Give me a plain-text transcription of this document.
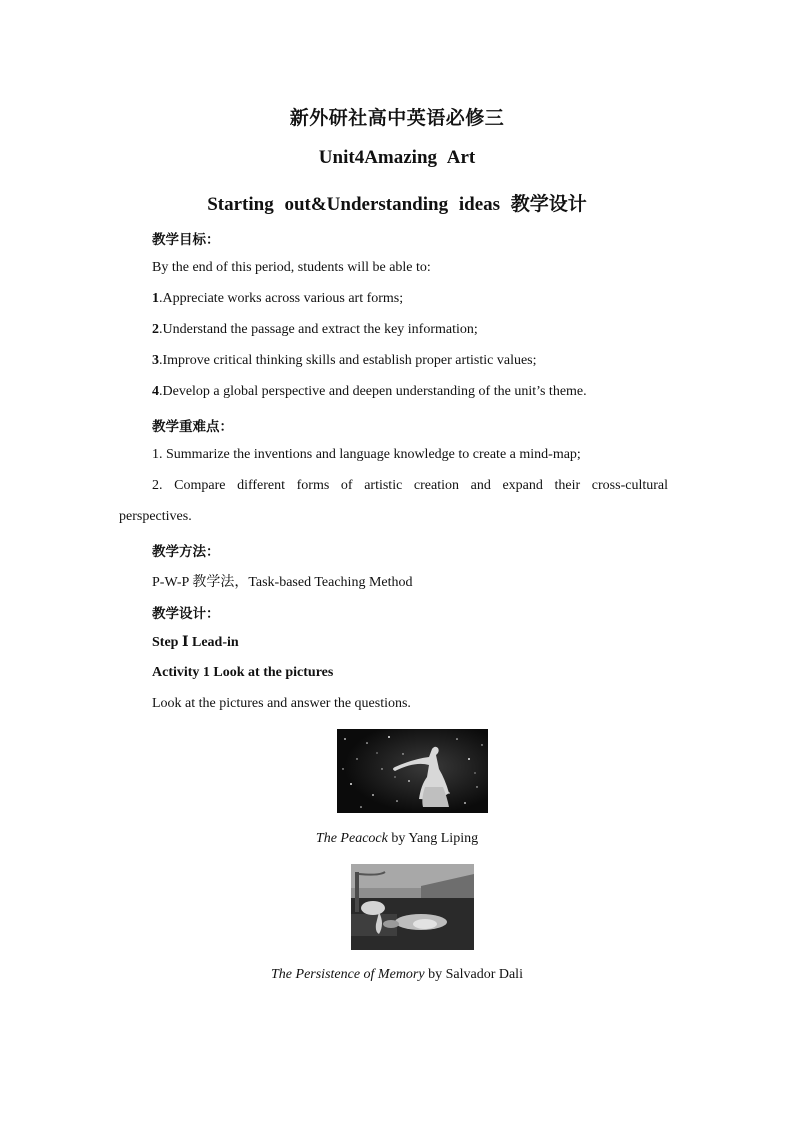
新外研社高中英语必修三

Unit4Amazing Art

Starting out&Understanding ideas 教学设计

教学目标：

By the end of this period, students will be able to:

1.Appreciate works across various art forms;

2.Understand the passage and extract the key information;

3.Improve critical thinking skills and establish proper artistic values;

4.Develop a global perspective and deepen understanding of the unit’s theme.

教学重难点：

1. Summarize the inventions and language knowledge to create a mind-map;

2. Compare different forms of artistic creation and expand their cross-cultural

perspectives.

教学方法：

P-W-P 教学法，Task-based Teaching Method

教学设计：

Step Ⅰ Lead-in

Activity 1 Look at the pictures

Look at the pictures and answer the questions.

The Peacock by Yang Liping

The Persistence of Memory by Salvador Dali
